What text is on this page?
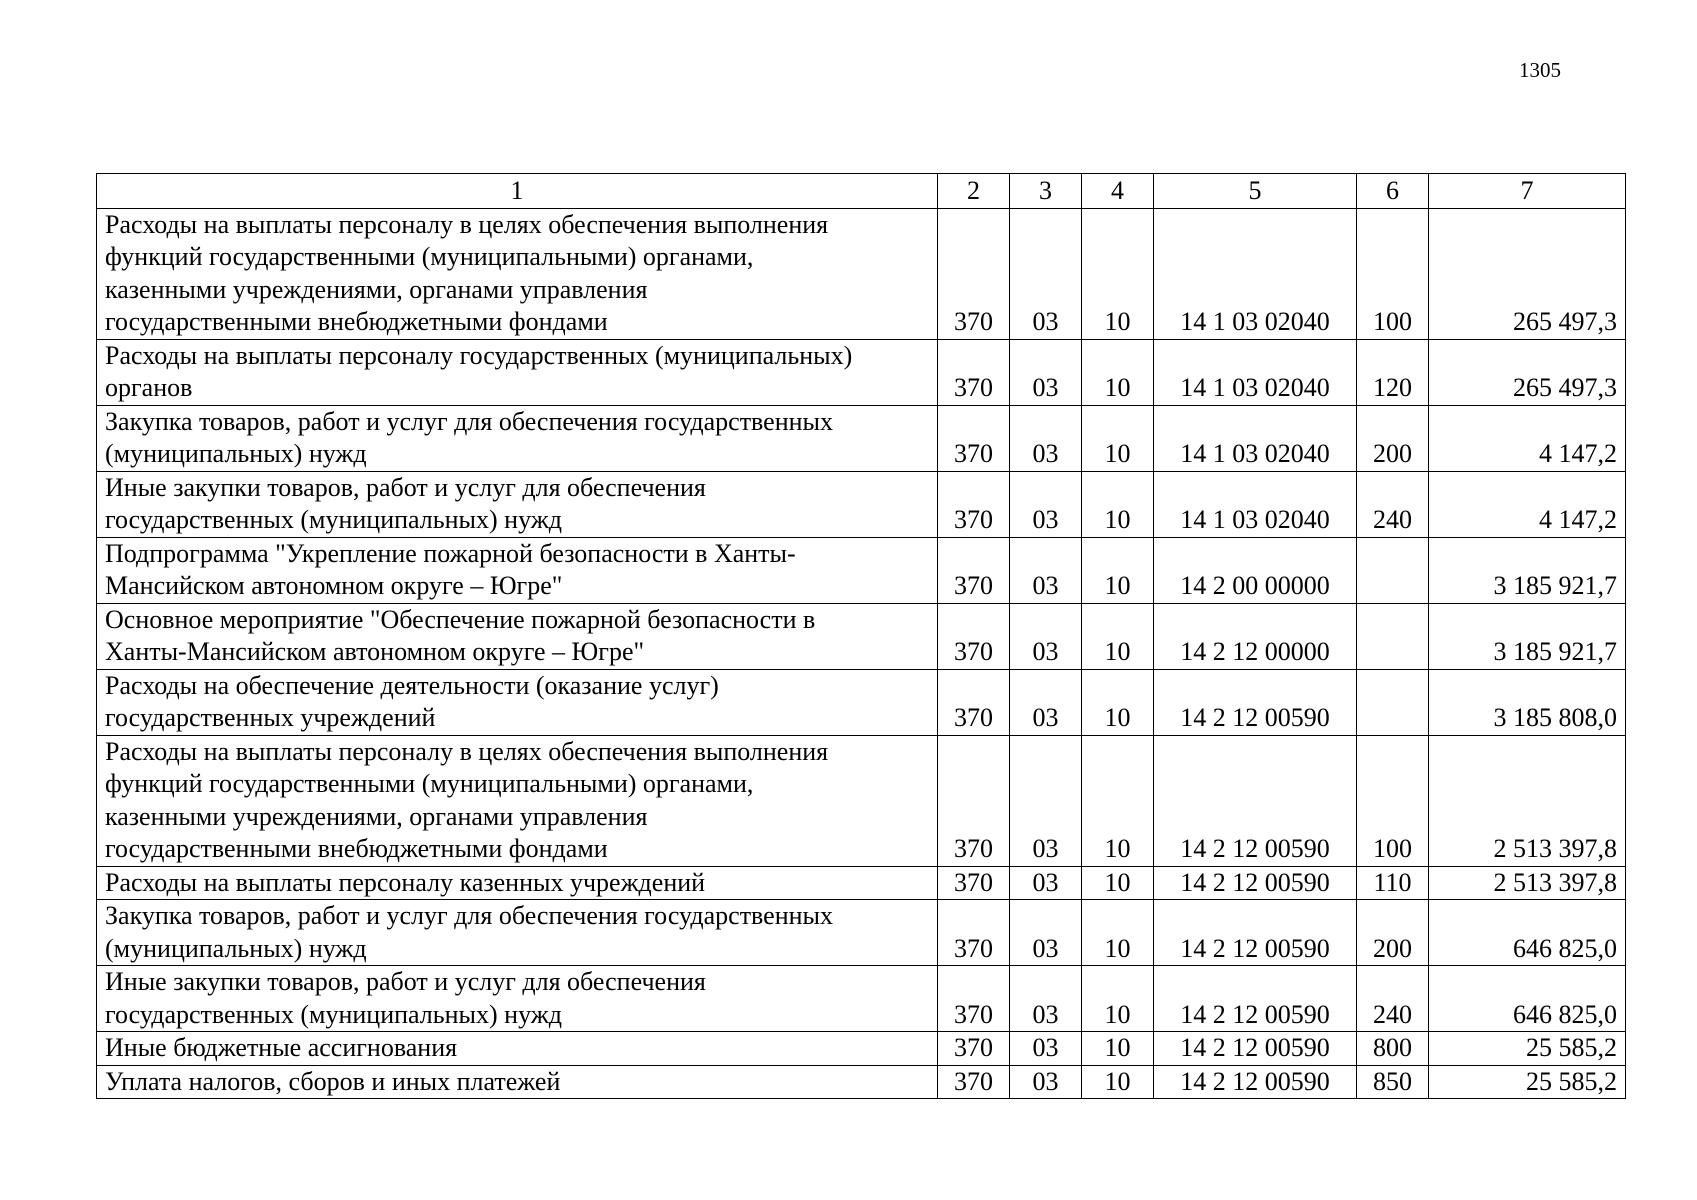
1305
1	2	3	4	5	6	7

Расходы на выплаты персоналу в целях обеспечения выполнения
функций государственными (муниципальными) органами,
казенными учреждениями, органами управления
государственными внебюджетными фондами	370	03	10	14 1 03 02040	100	265 497,3

Расходы на выплаты персоналу государственных (муниципальных)
органов	370	03	10	14 1 03 02040	120	265 497,3

Закупка товаров, работ и услуг для обеспечения государственных
(муниципальных) нужд	370	03	10	14 1 03 02040	200	4 147,2

Иные закупки товаров, работ и услуг для обеспечения
государственных (муниципальных) нужд	370	03	10	14 1 03 02040	240	4 147,2

Подпрограмма "Укрепление пожарной безопасности в Ханты-
Мансийском автономном округе – Югре"	370	03	10	14 2 00 00000		3 185 921,7

Основное мероприятие "Обеспечение пожарной безопасности в
Ханты-Мансийском автономном округе – Югре"	370	03	10	14 2 12 00000		3 185 921,7

Расходы на обеспечение деятельности (оказание услуг)
государственных учреждений	370	03	10	14 2 12 00590		3 185 808,0

Расходы на выплаты персоналу в целях обеспечения выполнения
функций государственными (муниципальными) органами,
казенными учреждениями, органами управления
государственными внебюджетными фондами	370	03	10	14 2 12 00590	100	2 513 397,8

Расходы на выплаты персоналу казенных учреждений	370	03	10	14 2 12 00590	110	2 513 397,8

Закупка товаров, работ и услуг для обеспечения государственных
(муниципальных) нужд	370	03	10	14 2 12 00590	200	646 825,0

Иные закупки товаров, работ и услуг для обеспечения
государственных (муниципальных) нужд	370	03	10	14 2 12 00590	240	646 825,0

Иные бюджетные ассигнования	370	03	10	14 2 12 00590	800	25 585,2

Уплата налогов, сборов и иных платежей	370	03	10	14 2 12 00590	850	25 585,2
